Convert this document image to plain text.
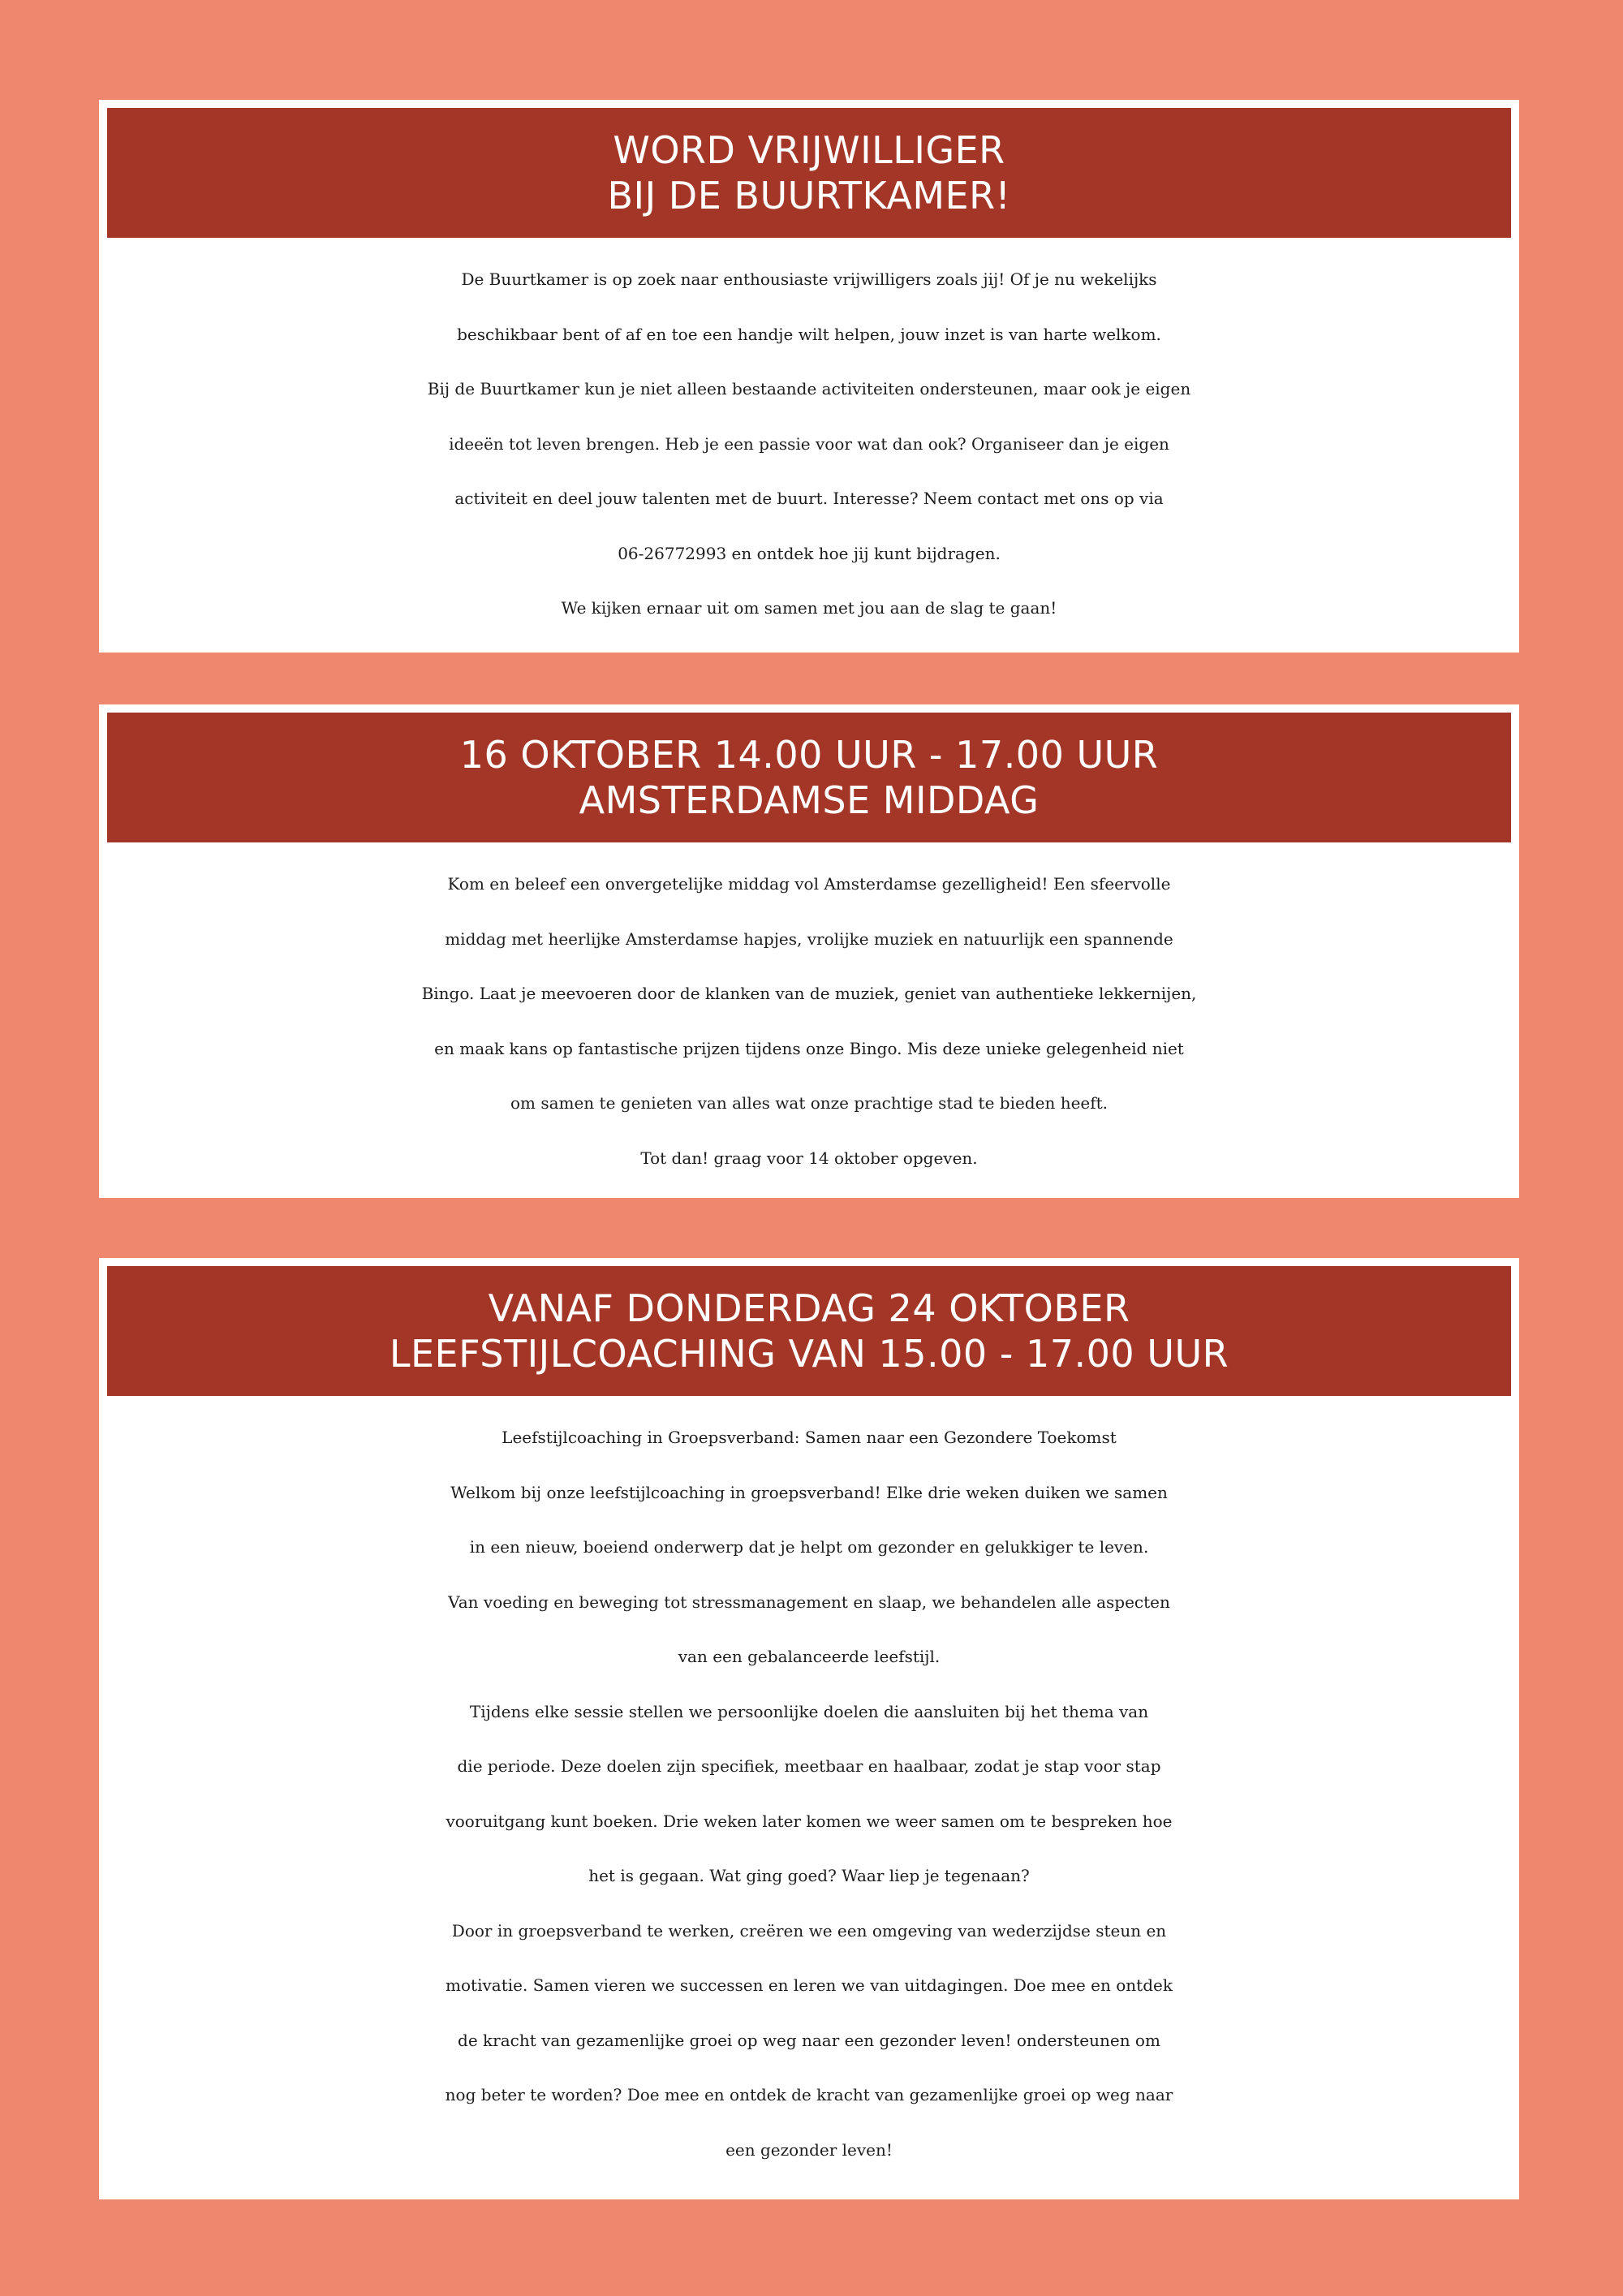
WORD VRIJWILLIGER
BIJ DE BUURTKAMER!

De Buurtkamer is op zoek naar enthousiaste vrijwilligers zoals jij! Of je nu wekelijks

beschikbaar bent of af en toe een handje wilt helpen, jouw inzet is van harte welkom.

Bij de Buurtkamer kun je niet alleen bestaande activiteiten ondersteunen, maar ook je eigen

ideeën tot leven brengen. Heb je een passie voor wat dan ook? Organiseer dan je eigen

activiteit en deel jouw talenten met de buurt. Interesse? Neem contact met ons op via

06-26772993 en ontdek hoe jij kunt bijdragen.

We kijken ernaar uit om samen met jou aan de slag te gaan!

16 OKTOBER 14.00 UUR - 17.00 UUR
AMSTERDAMSE MIDDAG

Kom en beleef een onvergetelijke middag vol Amsterdamse gezelligheid! Een sfeervolle

middag met heerlijke Amsterdamse hapjes, vrolijke muziek en natuurlijk een spannende

Bingo. Laat je meevoeren door de klanken van de muziek, geniet van authentieke lekkernijen,

en maak kans op fantastische prijzen tijdens onze Bingo. Mis deze unieke gelegenheid niet

om samen te genieten van alles wat onze prachtige stad te bieden heeft.

Tot dan! graag voor 14 oktober opgeven.

VANAF DONDERDAG 24 OKTOBER
LEEFSTIJLCOACHING VAN 15.00 - 17.00 UUR

Leefstijlcoaching in Groepsverband: Samen naar een Gezondere Toekomst

Welkom bij onze leefstijlcoaching in groepsverband! Elke drie weken duiken we samen

in een nieuw, boeiend onderwerp dat je helpt om gezonder en gelukkiger te leven.

Van voeding en beweging tot stressmanagement en slaap, we behandelen alle aspecten

van een gebalanceerde leefstijl.

Tijdens elke sessie stellen we persoonlijke doelen die aansluiten bij het thema van

die periode. Deze doelen zijn specifiek, meetbaar en haalbaar, zodat je stap voor stap

vooruitgang kunt boeken. Drie weken later komen we weer samen om te bespreken hoe

het is gegaan. Wat ging goed? Waar liep je tegenaan?

Door in groepsverband te werken, creëren we een omgeving van wederzijdse steun en

motivatie. Samen vieren we successen en leren we van uitdagingen. Doe mee en ontdek

de kracht van gezamenlijke groei op weg naar een gezonder leven! ondersteunen om

nog beter te worden? Doe mee en ontdek de kracht van gezamenlijke groei op weg naar

een gezonder leven!
